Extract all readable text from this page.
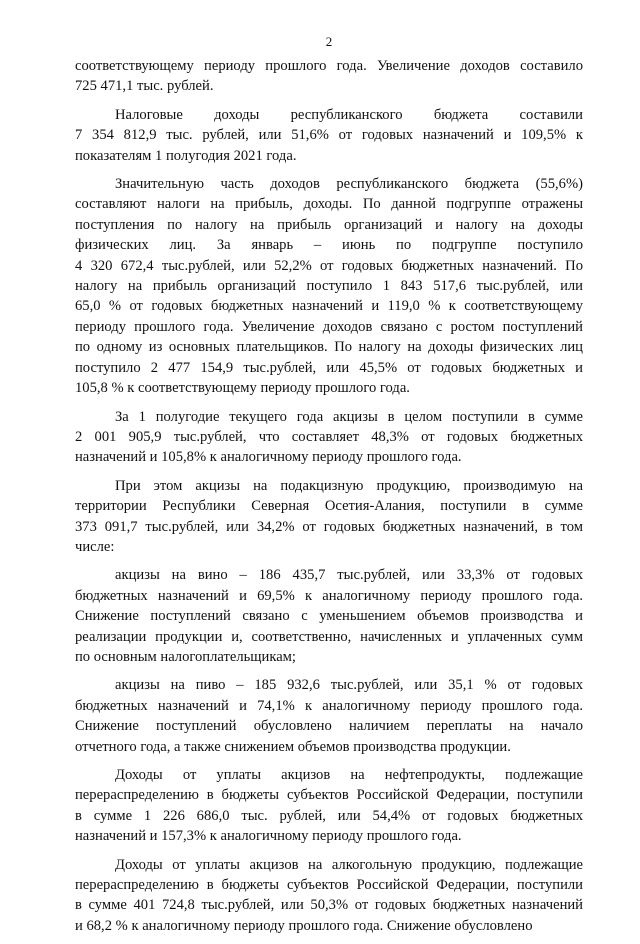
2
соответствующему периоду прошлого года. Увеличение доходов составило
725 471,1 тыс. рублей.
Налоговые доходы республиканского бюджета составили
7 354 812,9 тыс. рублей, или 51,6% от годовых назначений и 109,5% к
показателям 1 полугодия 2021 года.
Значительную часть доходов республиканского бюджета (55,6%)
составляют налоги на прибыль, доходы. По данной подгруппе отражены
поступления по налогу на прибыль организаций и налогу на доходы
физических лиц. За январь – июнь по подгруппе поступило
4 320 672,4 тыс.рублей, или 52,2% от годовых бюджетных назначений. По
налогу на прибыль организаций поступило 1 843 517,6 тыс.рублей, или
65,0 % от годовых бюджетных назначений и 119,0 % к соответствующему
периоду прошлого года. Увеличение доходов связано с ростом поступлений
по одному из основных плательщиков. По налогу на доходы физических лиц
поступило 2 477 154,9 тыс.рублей, или 45,5% от годовых бюджетных и
105,8 % к соответствующему периоду прошлого года.
За 1 полугодие текущего года акцизы в целом поступили в сумме
2 001 905,9 тыс.рублей, что составляет 48,3% от годовых бюджетных
назначений и 105,8% к аналогичному периоду прошлого года.
При этом акцизы на подакцизную продукцию, производимую на
территории Республики Северная Осетия-Алания, поступили в сумме
373 091,7 тыс.рублей, или 34,2% от годовых бюджетных назначений, в том
числе:
акцизы на вино – 186 435,7 тыс.рублей, или 33,3% от годовых
бюджетных назначений и 69,5% к аналогичному периоду прошлого года.
Снижение поступлений связано с уменьшением объемов производства и
реализации продукции и, соответственно, начисленных и уплаченных сумм
по основным налогоплательщикам;
акцизы на пиво – 185 932,6 тыс.рублей, или 35,1 % от годовых
бюджетных назначений и 74,1% к аналогичному периоду прошлого года.
Снижение поступлений обусловлено наличием переплаты на начало
отчетного года, а также снижением объемов производства продукции.
Доходы от уплаты акцизов на нефтепродукты, подлежащие
перераспределению в бюджеты субъектов Российской Федерации, поступили
в сумме 1 226 686,0 тыс. рублей, или 54,4% от годовых бюджетных
назначений и 157,3% к аналогичному периоду прошлого года.
Доходы от уплаты акцизов на алкогольную продукцию, подлежащие
перераспределению в бюджеты субъектов Российской Федерации, поступили
в сумме 401 724,8 тыс.рублей, или 50,3% от годовых бюджетных назначений
и 68,2 % к аналогичному периоду прошлого года. Снижение обусловлено
